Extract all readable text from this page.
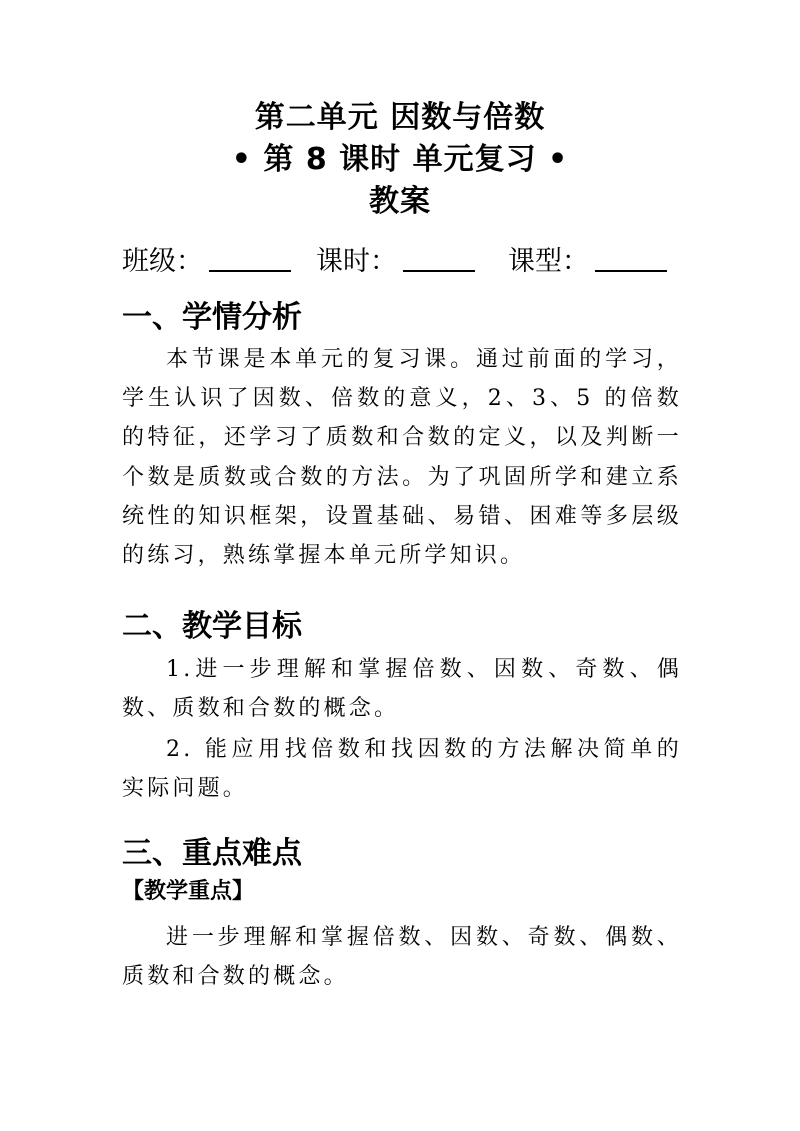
第二单元 因数与倍数
• 第 8 课时 单元复习 •
教案
班级：	课时：	课型：
一、学情分析
本节课是本单元的复习课。通过前面的学习，学生认识了因数、倍数的意义，2、3、5 的倍数的特征，还学习了质数和合数的定义，以及判断一个数是质数或合数的方法。为了巩固所学和建立系统性的知识框架，设置基础、易错、困难等多层级的练习，熟练掌握本单元所学知识。
二、教学目标
1.进一步理解和掌握倍数、因数、奇数、偶数、质数和合数的概念。
2. 能应用找倍数和找因数的方法解决简单的实际问题。
三、重点难点
【教学重点】
进一步理解和掌握倍数、因数、奇数、偶数、质数和合数的概念。
